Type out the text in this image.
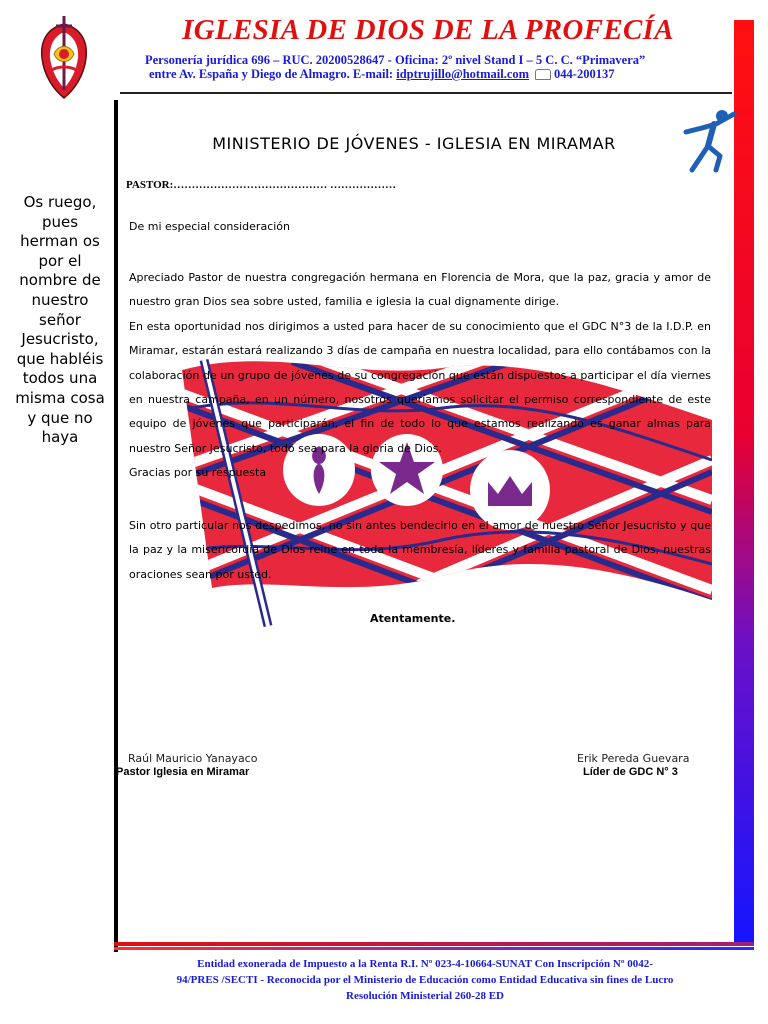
IGLESIA DE DIOS DE LA PROFECÍA
Personería jurídica 696 – RUC. 20200528647 - Oficina: 2º nivel Stand I – 5 C. C. “Primavera”
entre Av. España y Diego de Almagro. E-mail: idptrujillo@hotmail.com 044-200137
Os ruego, pues herman os por el nombre de nuestro señor Jesucristo, que habléis todos una misma cosa y que no haya
MINISTERIO DE JÓVENES - IGLESIA EN MIRAMAR
PASTOR:…………………………………… ………………
De mi especial consideración

Apreciado Pastor de nuestra congregación hermana en Florencia de Mora, que la paz, gracia y amor de nuestro gran Dios sea sobre usted, familia e iglesia la cual dignamente dirige.

En esta oportunidad nos dirigimos a usted para hacer de su conocimiento que el GDC N°3 de la I.D.P. en Miramar, estarán estará realizando 3 días de campaña en nuestra localidad, para ello contábamos con la colaboración de un grupo de jóvenes de su congregación que están dispuestos a participar el día viernes en nuestra campaña, en un número, nosotros queríamos solicitar el permiso correspondiente de este equipo de jóvenes que participarán, el fin de todo lo que estamos realizando es ganar almas para nuestro Señor Jesucristo, todo sea para la gloria de Dios.

Gracias por su respuesta

Sin otro particular nos despedimos, no sin antes bendecirlo en el amor de nuestro Señor Jesucristo y que la paz y la misericordia de Dios reine en toda la membresía, líderes y familia pastoral de Dios, nuestras oraciones sean por usted.
Atentamente.
Raúl Mauricio Yanayaco
Pastor Iglesia en Miramar
Erik Pereda Guevara
Líder de GDC N° 3
Entidad exonerada de Impuesto a la Renta R.I. Nº 023-4-10664-SUNAT Con Inscripción Nº 0042-
94/PRES /SECTI - Reconocida por el Ministerio de Educación como Entidad Educativa sin fines de Lucro
Resolución Ministerial 260-28 ED
